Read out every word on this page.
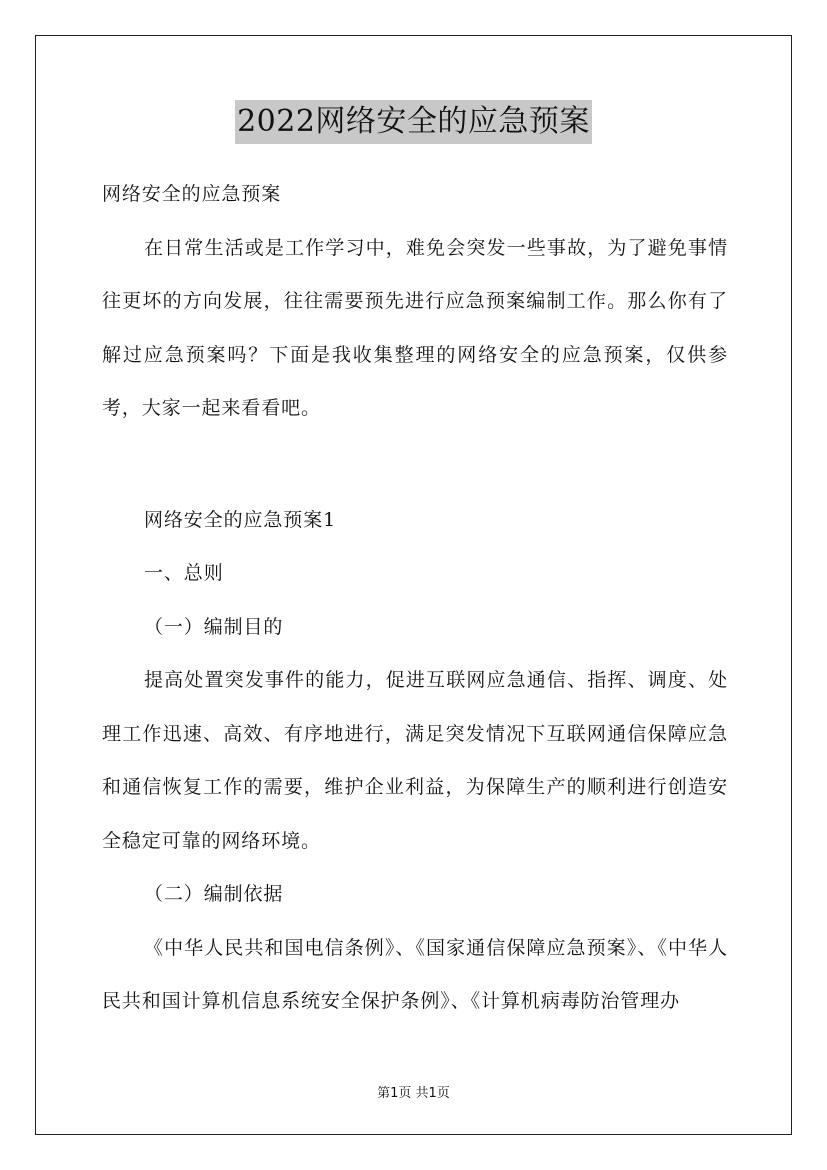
2022网络安全的应急预案

网络安全的应急预案

在日常生活或是工作学习中，难免会突发一些事故，为了避免事情往更坏的方向发展，往往需要预先进行应急预案编制工作。那么你有了解过应急预案吗？下面是我收集整理的网络安全的应急预案，仅供参考，大家一起来看看吧。

网络安全的应急预案1

一、总则

（一）编制目的

提高处置突发事件的能力，促进互联网应急通信、指挥、调度、处理工作迅速、高效、有序地进行，满足突发情况下互联网通信保障应急和通信恢复工作的需要，维护企业利益，为保障生产的顺利进行创造安全稳定可靠的网络环境。

（二）编制依据

《中华人民共和国电信条例》、《国家通信保障应急预案》、《中华人民共和国计算机信息系统安全保护条例》、《计算机病毒防治管理办

第1页 共1页
